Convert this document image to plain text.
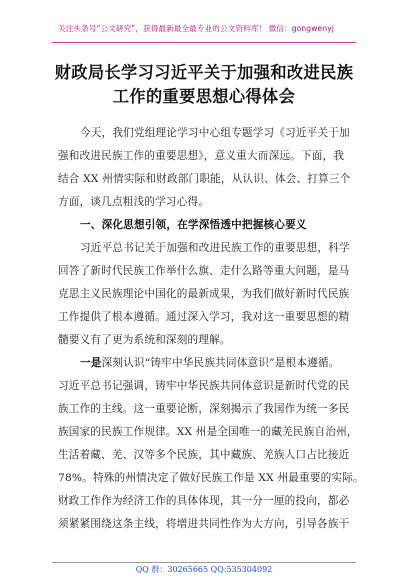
关注头条号“公文研究”，获得最新最全最专业的公文资料库！ 微信：gongwenyj
财政局长学习习近平关于加强和改进民族
工作的重要思想心得体会
今天，我们党组理论学习中心组专题学习《习近平关于加
强和改进民族工作的重要思想》，意义重大而深远。下面，我
结合 XX 州情实际和财政部门职能，从认识、体会、打算三个
方面，谈几点粗浅的学习心得。
一、深化思想引领，在学深悟透中把握核心要义
习近平总书记关于加强和改进民族工作的重要思想，科学
回答了新时代民族工作举什么旗、走什么路等重大问题，是马
克思主义民族理论中国化的最新成果，为我们做好新时代民族
工作提供了根本遵循。通过深入学习，我对这一重要思想的精
髓要义有了更为系统和深刻的理解。
一是深刻认识“铸牢中华民族共同体意识”是根本遵循。
习近平总书记强调，铸牢中华民族共同体意识是新时代党的民
族工作的主线。这一重要论断，深刻揭示了我国作为统一多民
族国家的民族工作规律。XX 州是全国唯一的藏羌民族自治州，
生活着藏、羌、汉等多个民族，其中藏族、羌族人口占比接近
78%。特殊的州情决定了做好民族工作是 XX 州最重要的实际。
财政工作作为经济工作的具体体现，其一分一厘的投向，都必
须紧紧围绕这条主线，将增进共同性作为大方向，引导各族干
QQ 群：30265665 QQ:535304092
